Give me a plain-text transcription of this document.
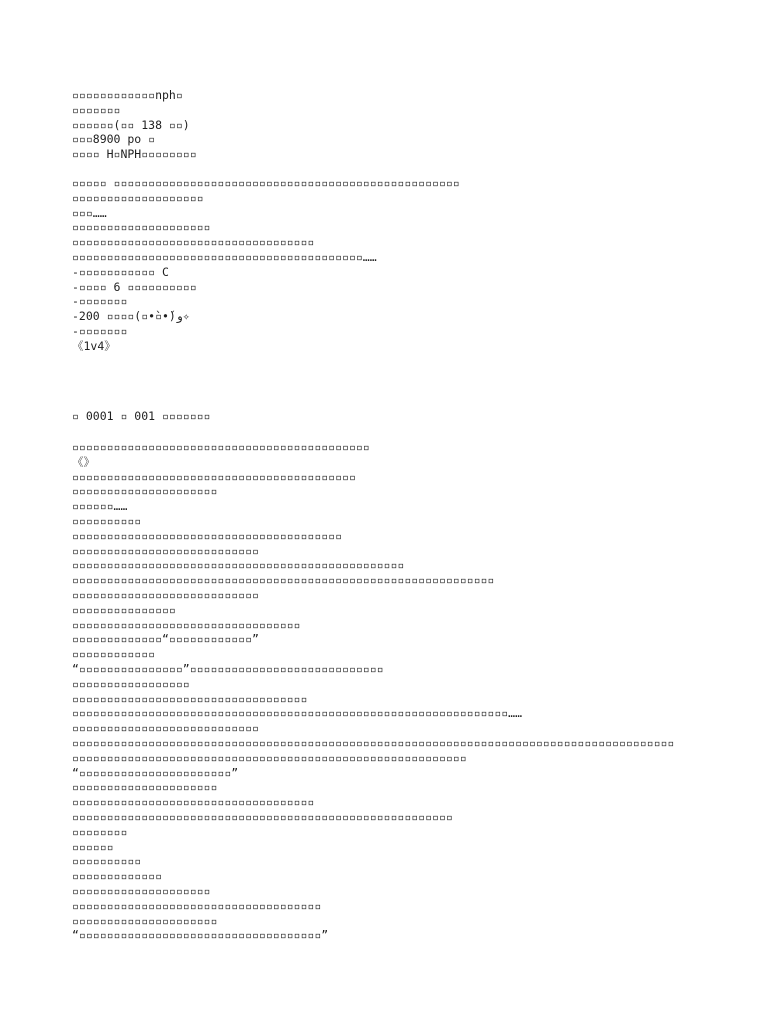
▫▫▫▫▫▫▫▫▫▫▫▫nph▫
▫▫▫▫▫▫▫
▫▫▫▫▫▫(▫▫ 138 ▫▫)
▫▫▫8900 po ▫
▫▫▫▫ H▫NPH▫▫▫▫▫▫▫▫
▫▫▫▫▫ ▫▫▫▫▫▫▫▫▫▫▫▫▫▫▫▫▫▫▫▫▫▫▫▫▫▫▫▫▫▫▫▫▫▫▫▫▫▫▫▫▫▫▫▫▫▫▫▫▫▫
▫▫▫▫▫▫▫▫▫▫▫▫▫▫▫▫▫▫▫
▫▫▫……
▫▫▫▫▫▫▫▫▫▫▫▫▫▫▫▫▫▫▫▫
▫▫▫▫▫▫▫▫▫▫▫▫▫▫▫▫▫▫▫▫▫▫▫▫▫▫▫▫▫▫▫▫▫▫▫
▫▫▫▫▫▫▫▫▫▫▫▫▫▫▫▫▫▫▫▫▫▫▫▫▫▫▫▫▫▫▫▫▫▫▫▫▫▫▫▫▫▫……
-▫▫▫▫▫▫▫▫▫▫▫ C
-▫▫▫▫ 6 ▫▫▫▫▫▫▫▫▫▫
-▫▫▫▫▫▫▫
-200 ▫▫▫▫(▫•̀▫•́)و✧
-▫▫▫▫▫▫▫
《1v4》
▫ 0001 ▫ 001 ▫▫▫▫▫▫▫
▫▫▫▫▫▫▫▫▫▫▫▫▫▫▫▫▫▫▫▫▫▫▫▫▫▫▫▫▫▫▫▫▫▫▫▫▫▫▫▫▫▫▫
《》
▫▫▫▫▫▫▫▫▫▫▫▫▫▫▫▫▫▫▫▫▫▫▫▫▫▫▫▫▫▫▫▫▫▫▫▫▫▫▫▫▫
▫▫▫▫▫▫▫▫▫▫▫▫▫▫▫▫▫▫▫▫▫
▫▫▫▫▫▫……
▫▫▫▫▫▫▫▫▫▫
▫▫▫▫▫▫▫▫▫▫▫▫▫▫▫▫▫▫▫▫▫▫▫▫▫▫▫▫▫▫▫▫▫▫▫▫▫▫▫
▫▫▫▫▫▫▫▫▫▫▫▫▫▫▫▫▫▫▫▫▫▫▫▫▫▫▫
▫▫▫▫▫▫▫▫▫▫▫▫▫▫▫▫▫▫▫▫▫▫▫▫▫▫▫▫▫▫▫▫▫▫▫▫▫▫▫▫▫▫▫▫▫▫▫▫
▫▫▫▫▫▫▫▫▫▫▫▫▫▫▫▫▫▫▫▫▫▫▫▫▫▫▫▫▫▫▫▫▫▫▫▫▫▫▫▫▫▫▫▫▫▫▫▫▫▫▫▫▫▫▫▫▫▫▫▫▫
▫▫▫▫▫▫▫▫▫▫▫▫▫▫▫▫▫▫▫▫▫▫▫▫▫▫▫
▫▫▫▫▫▫▫▫▫▫▫▫▫▫▫
▫▫▫▫▫▫▫▫▫▫▫▫▫▫▫▫▫▫▫▫▫▫▫▫▫▫▫▫▫▫▫▫▫
▫▫▫▫▫▫▫▫▫▫▫▫▫“▫▫▫▫▫▫▫▫▫▫▫▫”
▫▫▫▫▫▫▫▫▫▫▫▫
“▫▫▫▫▫▫▫▫▫▫▫▫▫▫▫”▫▫▫▫▫▫▫▫▫▫▫▫▫▫▫▫▫▫▫▫▫▫▫▫▫▫▫▫
▫▫▫▫▫▫▫▫▫▫▫▫▫▫▫▫▫
▫▫▫▫▫▫▫▫▫▫▫▫▫▫▫▫▫▫▫▫▫▫▫▫▫▫▫▫▫▫▫▫▫▫
▫▫▫▫▫▫▫▫▫▫▫▫▫▫▫▫▫▫▫▫▫▫▫▫▫▫▫▫▫▫▫▫▫▫▫▫▫▫▫▫▫▫▫▫▫▫▫▫▫▫▫▫▫▫▫▫▫▫▫▫▫▫▫……
▫▫▫▫▫▫▫▫▫▫▫▫▫▫▫▫▫▫▫▫▫▫▫▫▫▫▫
▫▫▫▫▫▫▫▫▫▫▫▫▫▫▫▫▫▫▫▫▫▫▫▫▫▫▫▫▫▫▫▫▫▫▫▫▫▫▫▫▫▫▫▫▫▫▫▫▫▫▫▫▫▫▫▫▫▫▫▫▫▫▫▫▫▫▫▫▫▫▫▫▫▫▫▫▫▫▫▫▫▫▫▫▫▫▫
▫▫▫▫▫▫▫▫▫▫▫▫▫▫▫▫▫▫▫▫▫▫▫▫▫▫▫▫▫▫▫▫▫▫▫▫▫▫▫▫▫▫▫▫▫▫▫▫▫▫▫▫▫▫▫▫▫
“▫▫▫▫▫▫▫▫▫▫▫▫▫▫▫▫▫▫▫▫▫▫”
▫▫▫▫▫▫▫▫▫▫▫▫▫▫▫▫▫▫▫▫▫
▫▫▫▫▫▫▫▫▫▫▫▫▫▫▫▫▫▫▫▫▫▫▫▫▫▫▫▫▫▫▫▫▫▫▫
▫▫▫▫▫▫▫▫▫▫▫▫▫▫▫▫▫▫▫▫▫▫▫▫▫▫▫▫▫▫▫▫▫▫▫▫▫▫▫▫▫▫▫▫▫▫▫▫▫▫▫▫▫▫▫
▫▫▫▫▫▫▫▫
▫▫▫▫▫▫
▫▫▫▫▫▫▫▫▫▫
▫▫▫▫▫▫▫▫▫▫▫▫▫
▫▫▫▫▫▫▫▫▫▫▫▫▫▫▫▫▫▫▫▫
▫▫▫▫▫▫▫▫▫▫▫▫▫▫▫▫▫▫▫▫▫▫▫▫▫▫▫▫▫▫▫▫▫▫▫▫
▫▫▫▫▫▫▫▫▫▫▫▫▫▫▫▫▫▫▫▫▫
“▫▫▫▫▫▫▫▫▫▫▫▫▫▫▫▫▫▫▫▫▫▫▫▫▫▫▫▫▫▫▫▫▫▫▫”
